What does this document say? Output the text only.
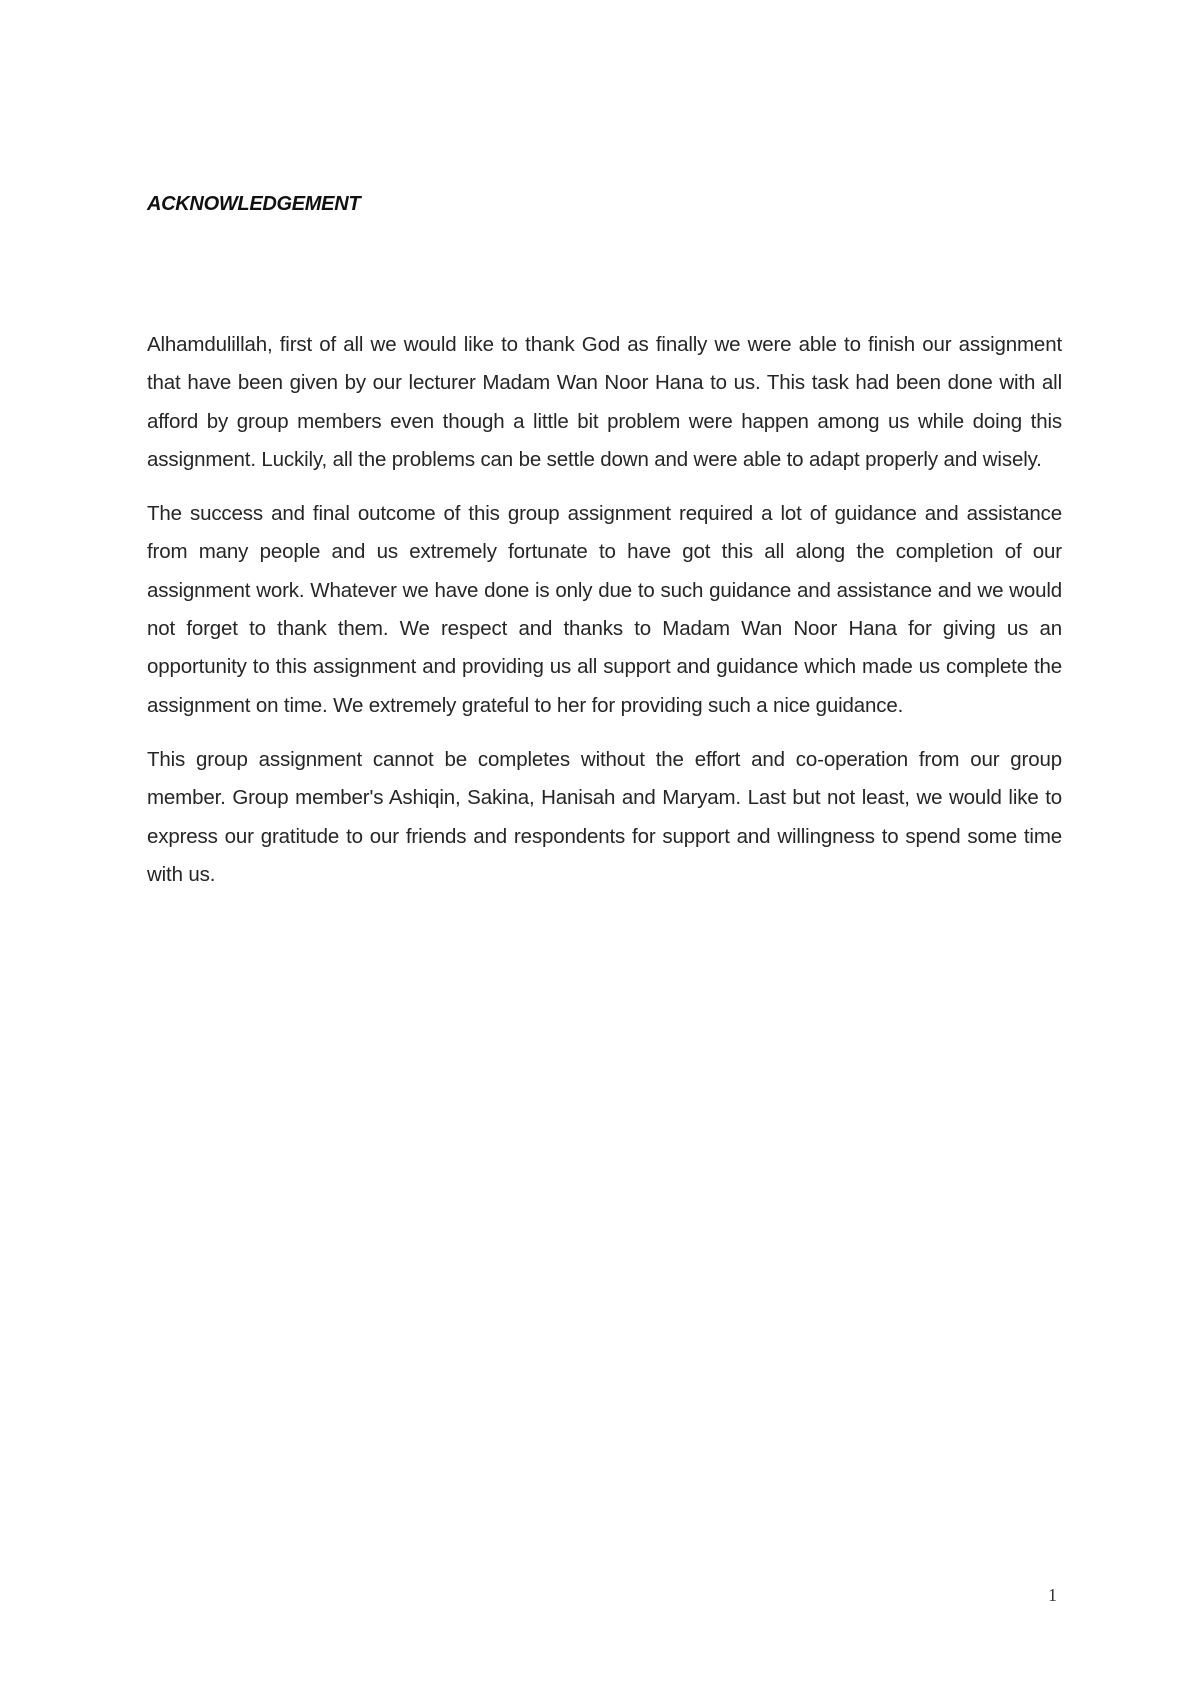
ACKNOWLEDGEMENT

Alhamdulillah, first of all we would like to thank God as finally we were able to finish our assignment that have been given by our lecturer Madam Wan Noor Hana to us. This task had been done with all afford by group members even though a little bit problem were happen among us while doing this assignment. Luckily, all the problems can be settle down and were able to adapt properly and wisely.

The success and final outcome of this group assignment required a lot of guidance and assistance from many people and us extremely fortunate to have got this all along the completion of our assignment work. Whatever we have done is only due to such guidance and assistance and we would not forget to thank them. We respect and thanks to Madam Wan Noor Hana for giving us an opportunity to this assignment and providing us all support and guidance which made us complete the assignment on time. We extremely grateful to her for providing such a nice guidance.

This group assignment cannot be completes without the effort and co-operation from our group member. Group member's Ashiqin, Sakina, Hanisah and Maryam. Last but not least, we would like to express our gratitude to our friends and respondents for support and willingness to spend some time with us.

1
